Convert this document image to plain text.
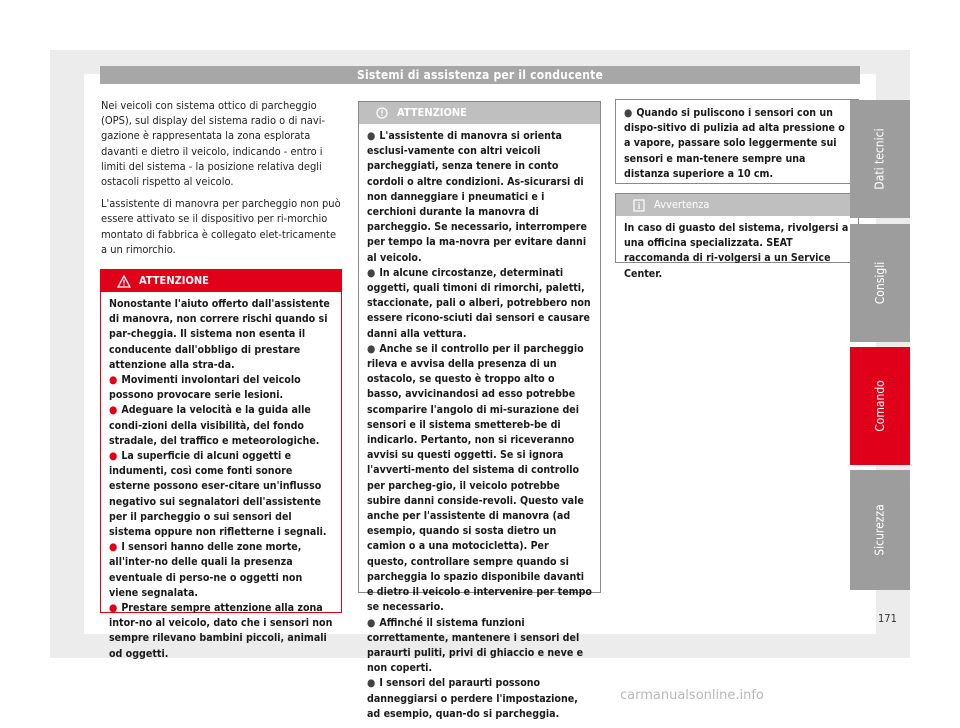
Sistemi di assistenza per il conducente

Nei veicoli con sistema ottico di parcheggio (OPS), sul display del sistema radio o di navi-gazione è rappresentata la zona esplorata davanti e dietro il veicolo, indicando - entro i limiti del sistema - la posizione relativa degli ostacoli rispetto al veicolo.

L'assistente di manovra per parcheggio non può essere attivato se il dispositivo per ri-morchio montato di fabbrica è collegato elet-tricamente a un rimorchio.

ATTENZIONE

Nonostante l'aiuto offerto dall'assistente di manovra, non correre rischi quando si par-cheggia. Il sistema non esenta il conducente dall'obbligo di prestare attenzione alla stra-da.

● Movimenti involontari del veicolo possono provocare serie lesioni.

● Adeguare la velocità e la guida alle condi-zioni della visibilità, del fondo stradale, del traffico e meteorologiche.

● La superficie di alcuni oggetti e indumenti, così come fonti sonore esterne possono eser-citare un'influsso negativo sui segnalatori dell'assistente per il parcheggio o sui sensori del sistema oppure non rifletterne i segnali.

● I sensori hanno delle zone morte, all'inter-no delle quali la presenza eventuale di perso-ne o oggetti non viene segnalata.

● Prestare sempre attenzione alla zona intor-no al veicolo, dato che i sensori non sempre rilevano bambini piccoli, animali od oggetti.

ATTENZIONE

● L'assistente di manovra si orienta esclusi-vamente con altri veicoli parcheggiati, senza tenere in conto cordoli o altre condizioni. As-sicurarsi di non danneggiare i pneumatici e i cerchioni durante la manovra di parcheggio. Se necessario, interrompere per tempo la ma-novra per evitare danni al veicolo.

● In alcune circostanze, determinati oggetti, quali timoni di rimorchi, paletti, staccionate, pali o alberi, potrebbero non essere ricono-sciuti dai sensori e causare danni alla vettura.

● Anche se il controllo per il parcheggio rileva e avvisa della presenza di un ostacolo, se questo è troppo alto o basso, avvicinandosi ad esso potrebbe scomparire l'angolo di mi-surazione dei sensori e il sistema smettereb-be di indicarlo. Pertanto, non si riceveranno avvisi su questi oggetti. Se si ignora l'avverti-mento del sistema di controllo per parcheg-gio, il veicolo potrebbe subire danni conside-revoli. Questo vale anche per l'assistente di manovra (ad esempio, quando si sosta dietro un camion o a una motocicletta). Per questo, controllare sempre quando si parcheggia lo spazio disponibile davanti e dietro il veicolo e intervenire per tempo se necessario.

● Affinché il sistema funzioni correttamente, mantenere i sensori del paraurti puliti, privi di ghiaccio e neve e non coperti.

● I sensori del paraurti possono danneggiarsi o perdere l'impostazione, ad esempio, quan-do si parcheggia.

● Quando si puliscono i sensori con un dispo-sitivo di pulizia ad alta pressione o a vapore, passare solo leggermente sui sensori e man-tenere sempre una distanza superiore a 10 cm.

Avvertenza

In caso di guasto del sistema, rivolgersi a una officina specializzata. SEAT raccomanda di ri-volgersi a un Service Center.

Dati tecnici
Consigli
Comando
Sicurezza
171
carmanualsonline.info
